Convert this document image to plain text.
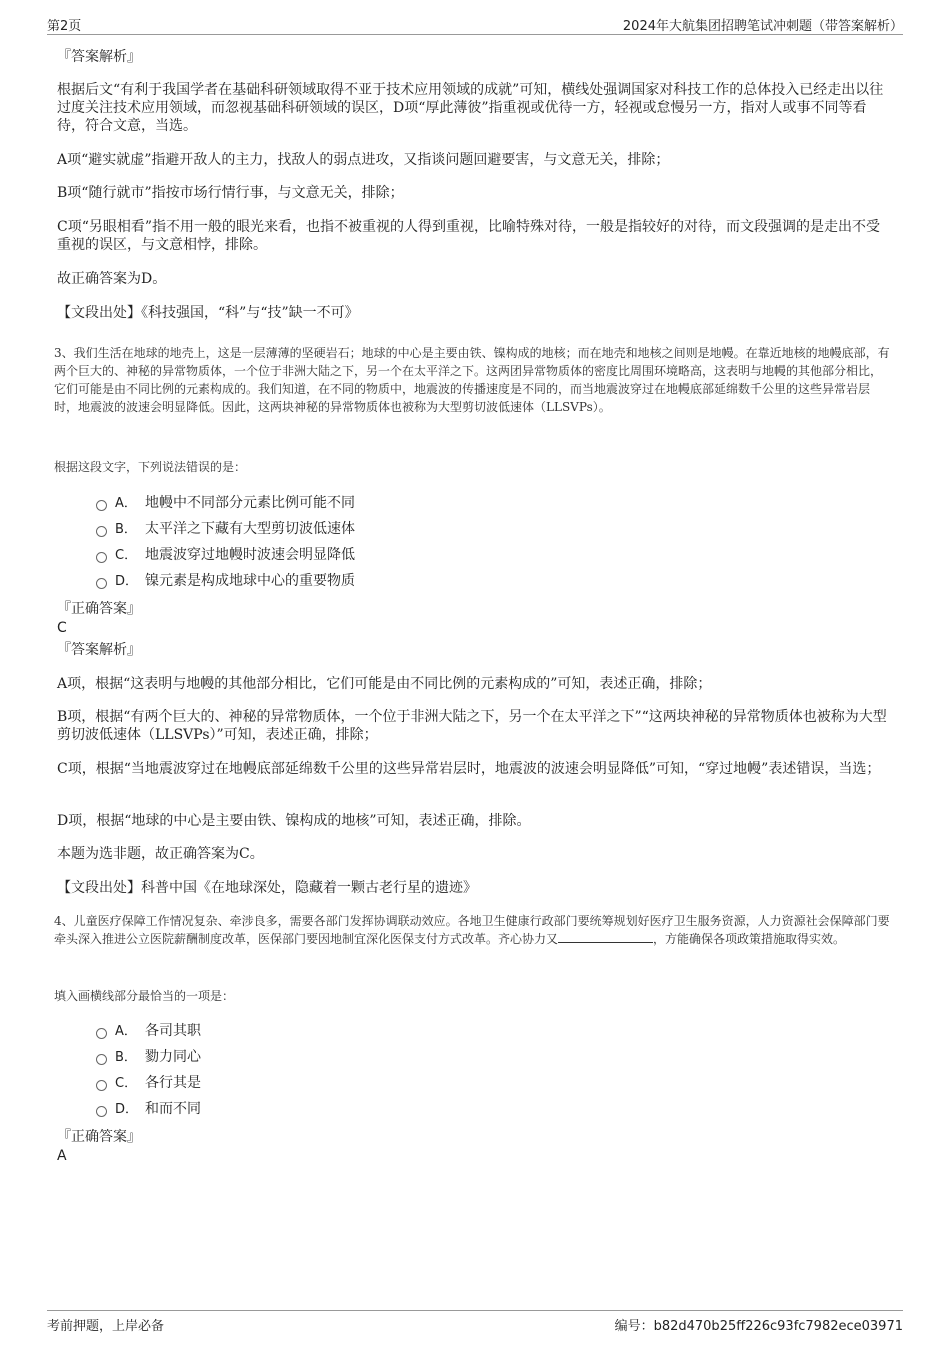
第2页	2024年大航集团招聘笔试冲刺题（带答案解析）

『答案解析』

根据后文“有利于我国学者在基础科研领域取得不亚于技术应用领域的成就”可知，横线处强调国家对科技工作的总体投入已经走出以往过度关注技术应用领域，而忽视基础科研领域的误区，D项“厚此薄彼”指重视或优待一方，轻视或怠慢另一方，指对人或事不同等看待，符合文意，当选。

A项“避实就虚”指避开敌人的主力，找敌人的弱点进攻，又指谈问题回避要害，与文意无关，排除；

B项“随行就市”指按市场行情行事，与文意无关，排除；

C项“另眼相看”指不用一般的眼光来看，也指不被重视的人得到重视，比喻特殊对待，一般是指较好的对待，而文段强调的是走出不受重视的误区，与文意相悖，排除。

故正确答案为D。

【文段出处】《科技强国，“科”与“技”缺一不可》

3、我们生活在地球的地壳上，这是一层薄薄的坚硬岩石；地球的中心是主要由铁、镍构成的地核；而在地壳和地核之间则是地幔。在靠近地核的地幔底部，有两个巨大的、神秘的异常物质体，一个位于非洲大陆之下，另一个在太平洋之下。这两团异常物质体的密度比周围环境略高，这表明与地幔的其他部分相比，它们可能是由不同比例的元素构成的。我们知道，在不同的物质中，地震波的传播速度是不同的，而当地震波穿过在地幔底部延绵数千公里的这些异常岩层时，地震波的波速会明显降低。因此，这两块神秘的异常物质体也被称为大型剪切波低速体（LLSVPs）。

根据这段文字，下列说法错误的是：

A． 地幔中不同部分元素比例可能不同
B． 太平洋之下藏有大型剪切波低速体
C． 地震波穿过地幔时波速会明显降低
D． 镍元素是构成地球中心的重要物质

『正确答案』

C

『答案解析』

A项，根据“这表明与地幔的其他部分相比，它们可能是由不同比例的元素构成的”可知，表述正确，排除；

B项，根据“有两个巨大的、神秘的异常物质体，一个位于非洲大陆之下，另一个在太平洋之下”“这两块神秘的异常物质体也被称为大型剪切波低速体（LLSVPs）”可知，表述正确，排除；

C项，根据“当地震波穿过在地幔底部延绵数千公里的这些异常岩层时，地震波的波速会明显降低”可知，“穿过地幔”表述错误，当选；

D项，根据“地球的中心是主要由铁、镍构成的地核”可知，表述正确，排除。

本题为选非题，故正确答案为C。

【文段出处】科普中国《在地球深处，隐藏着一颗古老行星的遗迹》

4、儿童医疗保障工作情况复杂、牵涉良多，需要各部门发挥协调联动效应。各地卫生健康行政部门要统筹规划好医疗卫生服务资源，人力资源社会保障部门要牵头深入推进公立医院薪酬制度改革，医保部门要因地制宜深化医保支付方式改革。齐心协力又	，方能确保各项政策措施取得实效。

填入画横线部分最恰当的一项是：

A． 各司其职
B． 勠力同心
C． 各行其是
D． 和而不同

『正确答案』

A

考前押题，上岸必备	编号：b82d470b25ff226c93fc7982ece03971
